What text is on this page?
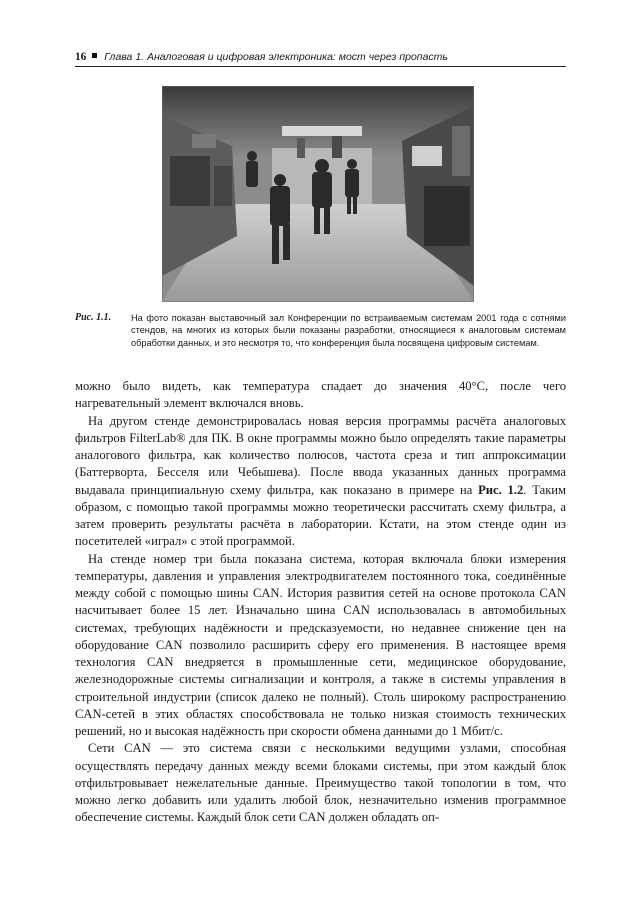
16 Глава 1. Аналоговая и цифровая электроника: мост через пропасть
Рис. 1.1. На фото показан выставочный зал Конференции по встраиваемым системам 2001 года с сотнями стендов, на многих из которых были показаны разработки, относящиеся к аналоговым системам обработки данных, и это несмотря то, что конференция была посвящена цифровым системам.

можно было видеть, как температура спадает до значения 40°С, после чего нагревательный элемент включался вновь.

На другом стенде демонстрировалась новая версия программы расчёта аналоговых фильтров FilterLab® для ПК. В окне программы можно было определять такие параметры аналогового фильтра, как количество полюсов, частота среза и тип аппроксимации (Баттерворта, Бесселя или Чебышева). После ввода указанных данных программа выдавала принципиальную схему фильтра, как показано в примере на Рис. 1.2. Таким образом, с помощью такой программы можно теоретически рассчитать схему фильтра, а затем проверить результаты расчёта в лаборатории. Кстати, на этом стенде один из посетителей «играл» с этой программой.

На стенде номер три была показана система, которая включала блоки измерения температуры, давления и управления электродвигателем постоянного тока, соединённые между собой с помощью шины CAN. История развития сетей на основе протокола CAN насчитывает более 15 лет. Изначально шина CAN использовалась в автомобильных системах, требующих надёжности и предсказуемости, но недавнее снижение цен на оборудование CAN позволило расширить сферу его применения. В настоящее время технология CAN внедряется в промышленные сети, медицинское оборудование, железнодорожные системы сигнализации и контроля, а также в системы управления в строительной индустрии (список далеко не полный). Столь широкому распространению CAN-сетей в этих областях способствовала не только низкая стоимость технических решений, но и высокая надёжность при скорости обмена данными до 1 Мбит/с.

Сети CAN — это система связи с несколькими ведущими узлами, способная осуществлять передачу данных между всеми блоками системы, при этом каждый блок отфильтровывает нежелательные данные. Преимущество такой топологии в том, что можно легко добавить или удалить любой блок, незначительно изменив программное обеспечение системы. Каждый блок сети CAN должен обладать оп-
